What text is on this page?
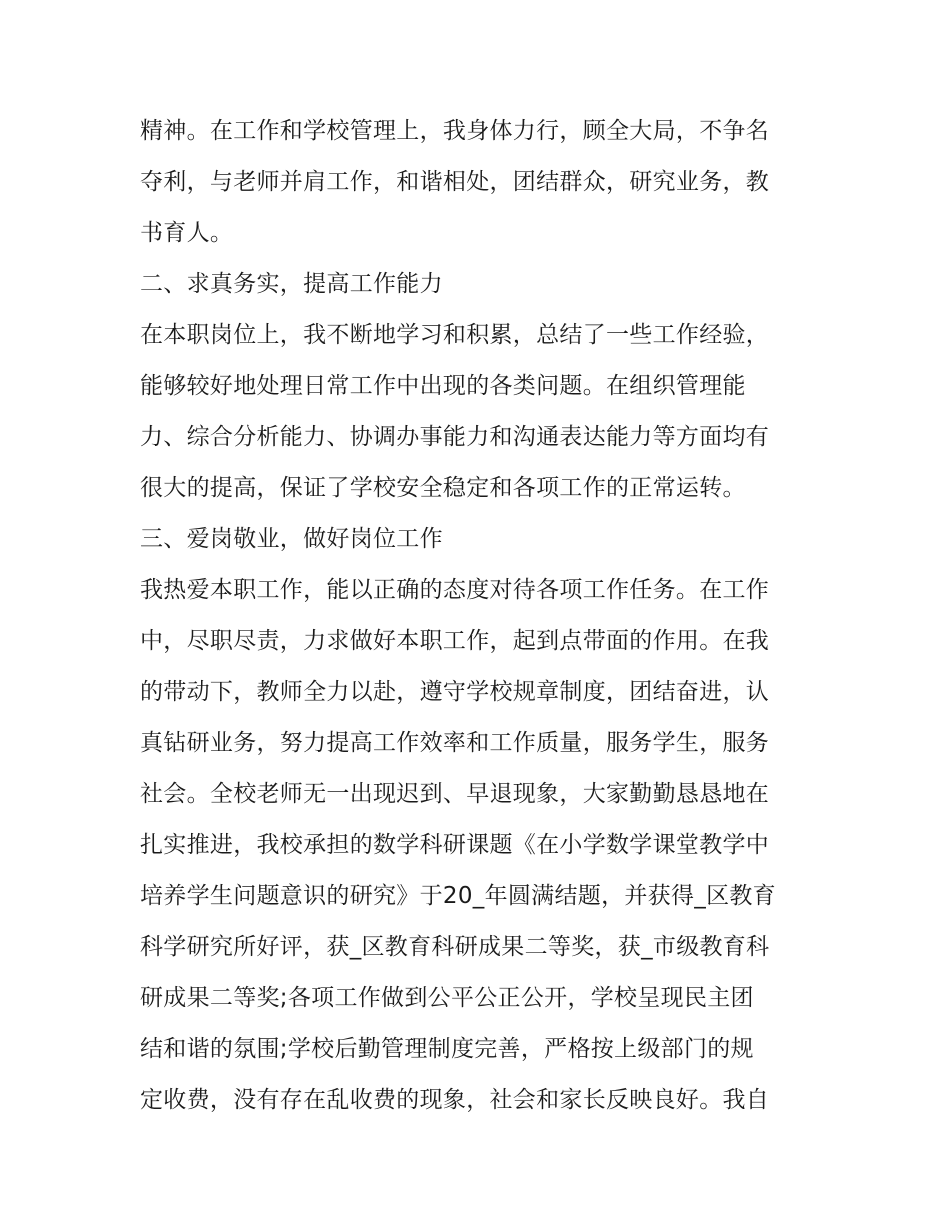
精神。在工作和学校管理上，我身体力行，顾全大局，不争名
夺利，与老师并肩工作，和谐相处，团结群众，研究业务，教
书育人。
二、求真务实，提高工作能力
在本职岗位上，我不断地学习和积累，总结了一些工作经验，
能够较好地处理日常工作中出现的各类问题。在组织管理能
力、综合分析能力、协调办事能力和沟通表达能力等方面均有
很大的提高，保证了学校安全稳定和各项工作的正常运转。
三、爱岗敬业，做好岗位工作
我热爱本职工作，能以正确的态度对待各项工作任务。在工作
中，尽职尽责，力求做好本职工作，起到点带面的作用。在我
的带动下，教师全力以赴，遵守学校规章制度，团结奋进，认
真钻研业务，努力提高工作效率和工作质量，服务学生，服务
社会。全校老师无一出现迟到、早退现象，大家勤勤恳恳地在
扎实推进，我校承担的数学科研课题《在小学数学课堂教学中
培养学生问题意识的研究》于20_年圆满结题，并获得_区教育
科学研究所好评，获_区教育科研成果二等奖，获_市级教育科
研成果二等奖;各项工作做到公平公正公开，学校呈现民主团
结和谐的氛围;学校后勤管理制度完善，严格按上级部门的规
定收费，没有存在乱收费的现象，社会和家长反映良好。我自
